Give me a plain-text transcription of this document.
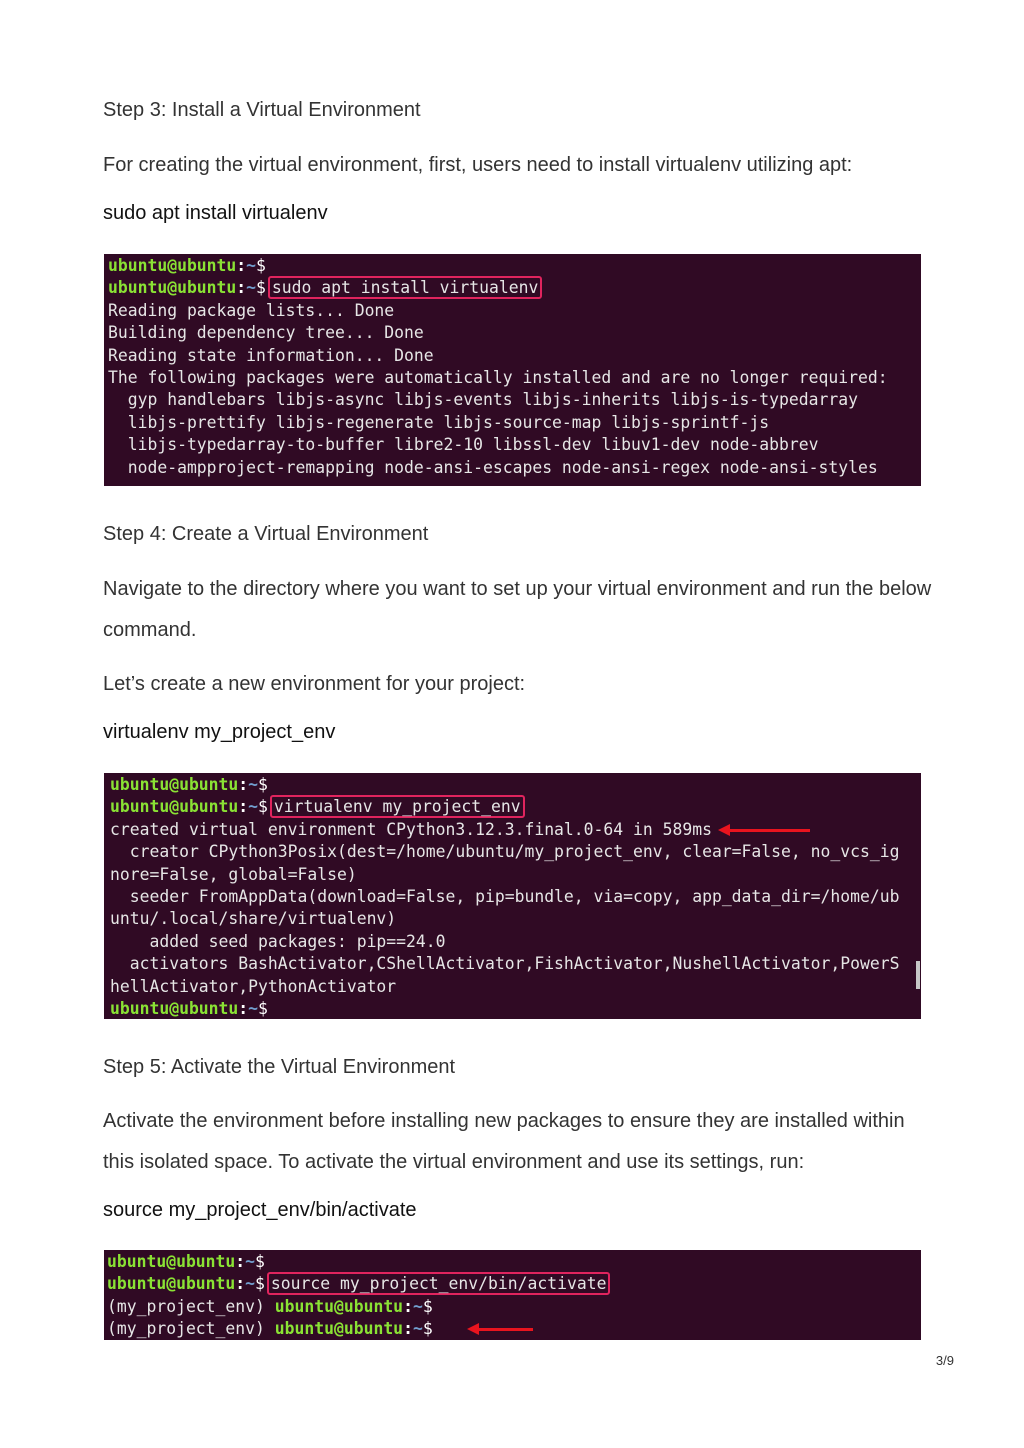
Step 3: Install a Virtual Environment
For creating the virtual environment, first, users need to install virtualenv utilizing apt:
sudo apt install virtualenv
ubuntu@ubuntu:~$
ubuntu@ubuntu:~$ sudo apt install virtualenv
Reading package lists... Done
Building dependency tree... Done
Reading state information... Done
The following packages were automatically installed and are no longer required:
gyp handlebars libjs-async libjs-events libjs-inherits libjs-is-typedarray
libjs-prettify libjs-regenerate libjs-source-map libjs-sprintf-js
libjs-typedarray-to-buffer libre2-10 libssl-dev libuv1-dev node-abbrev
node-ampproject-remapping node-ansi-escapes node-ansi-regex node-ansi-styles
Step 4: Create a Virtual Environment
Navigate to the directory where you want to set up your virtual environment and run the below command.
Let’s create a new environment for your project:
virtualenv my_project_env
ubuntu@ubuntu:~$
ubuntu@ubuntu:~$ virtualenv my_project_env
created virtual environment CPython3.12.3.final.0-64 in 589ms
creator CPython3Posix(dest=/home/ubuntu/my_project_env, clear=False, no_vcs_ig
nore=False, global=False)
seeder FromAppData(download=False, pip=bundle, via=copy, app_data_dir=/home/ub
untu/.local/share/virtualenv)
added seed packages: pip==24.0
activators BashActivator,CShellActivator,FishActivator,NushellActivator,PowerS
hellActivator,PythonActivator
ubuntu@ubuntu:~$
Step 5: Activate the Virtual Environment
Activate the environment before installing new packages to ensure they are installed within this isolated space. To activate the virtual environment and use its settings, run:
source my_project_env/bin/activate
ubuntu@ubuntu:~$
ubuntu@ubuntu:~$ source my_project_env/bin/activate
(my_project_env) ubuntu@ubuntu:~$
(my_project_env) ubuntu@ubuntu:~$
3/9
